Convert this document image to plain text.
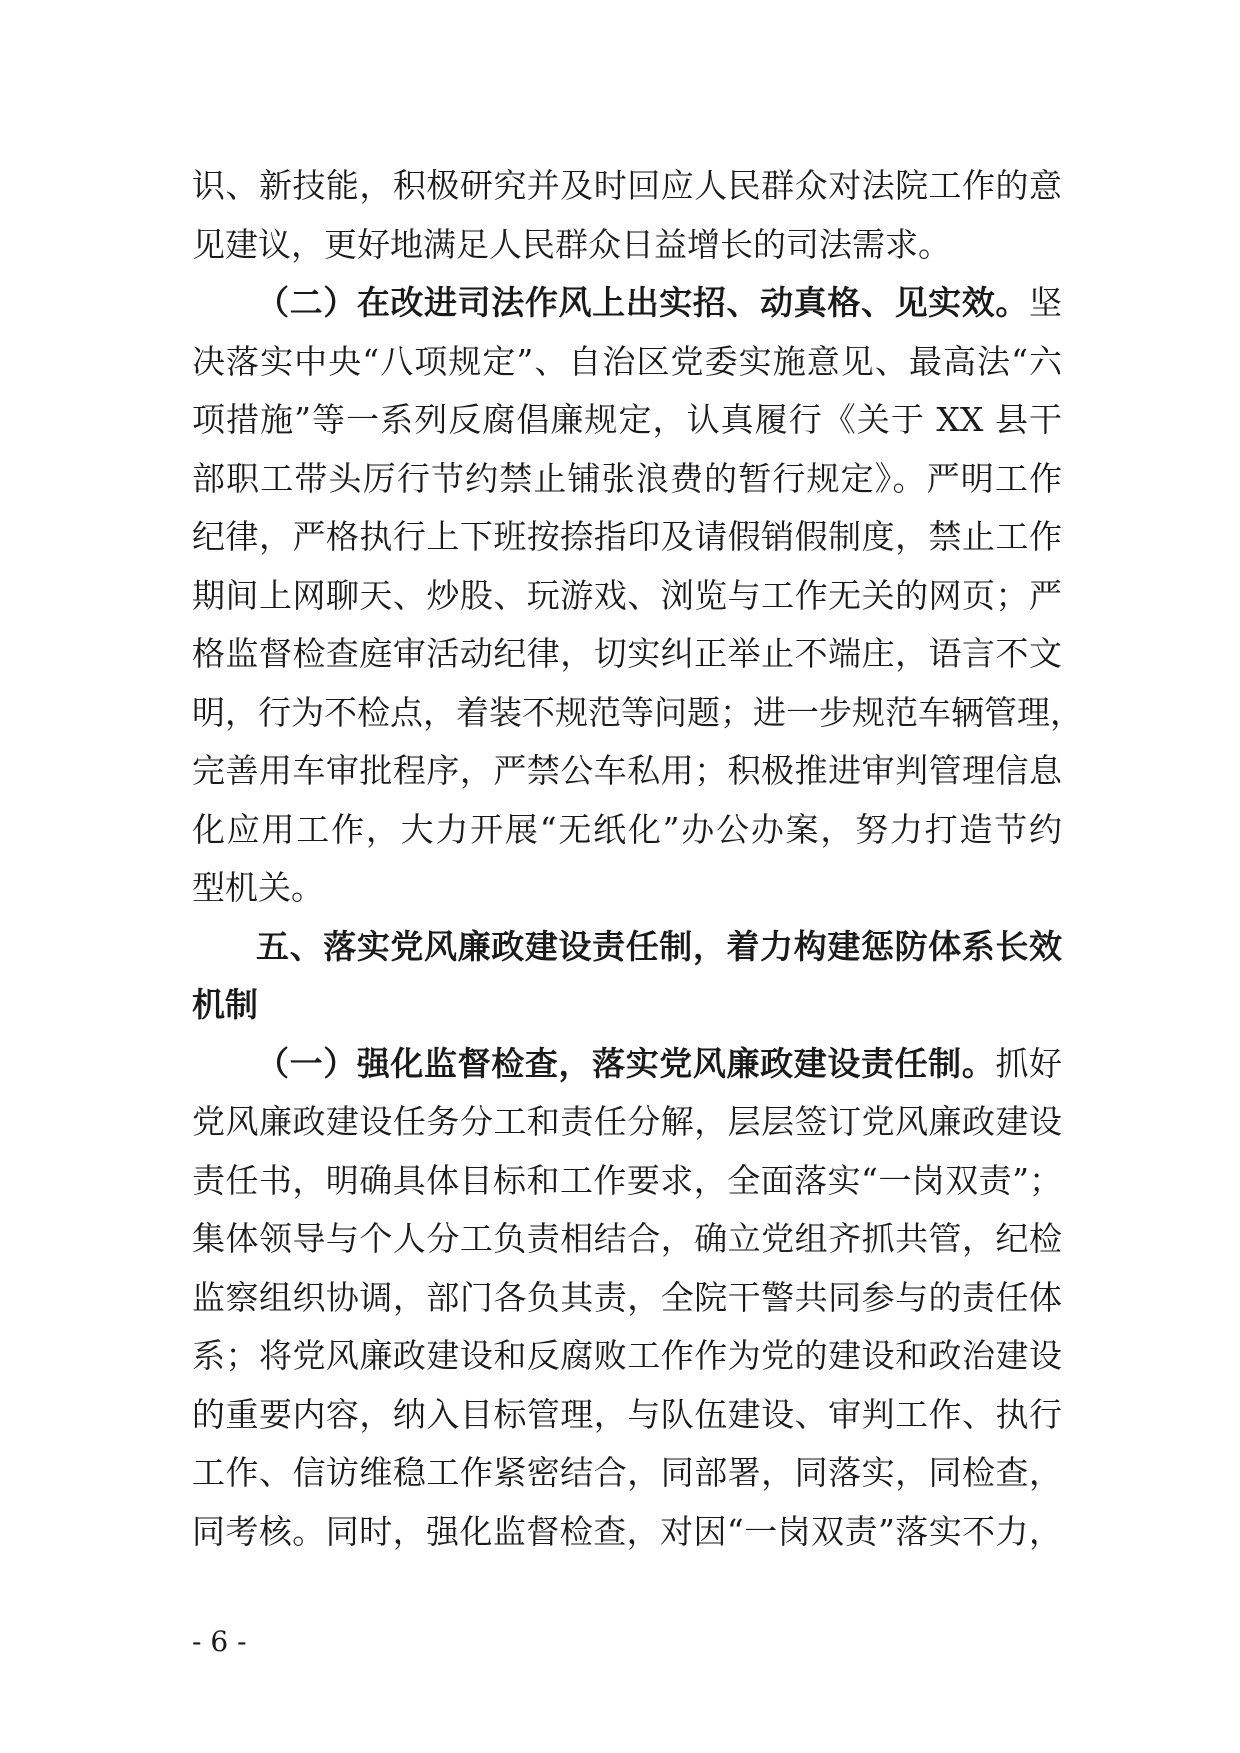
识、新技能，积极研究并及时回应人民群众对法院工作的意
见建议，更好地满足人民群众日益增长的司法需求。
（二）在改进司法作风上出实招、动真格、见实效。坚
决落实中央“八项规定”、自治区党委实施意见、最高法“六
项措施”等一系列反腐倡廉规定，认真履行《关于 XX 县干
部职工带头厉行节约禁止铺张浪费的暂行规定》。严明工作
纪律，严格执行上下班按捺指印及请假销假制度，禁止工作
期间上网聊天、炒股、玩游戏、浏览与工作无关的网页；严
格监督检查庭审活动纪律，切实纠正举止不端庄，语言不文
明，行为不检点，着装不规范等问题；进一步规范车辆管理，
完善用车审批程序，严禁公车私用；积极推进审判管理信息
化应用工作，大力开展“无纸化”办公办案，努力打造节约
型机关。
五、落实党风廉政建设责任制，着力构建惩防体系长效
机制
（一）强化监督检查，落实党风廉政建设责任制。抓好
党风廉政建设任务分工和责任分解，层层签订党风廉政建设
责任书，明确具体目标和工作要求，全面落实“一岗双责”；
集体领导与个人分工负责相结合，确立党组齐抓共管，纪检
监察组织协调，部门各负其责，全院干警共同参与的责任体
系；将党风廉政建设和反腐败工作作为党的建设和政治建设
的重要内容，纳入目标管理，与队伍建设、审判工作、执行
工作、信访维稳工作紧密结合，同部署，同落实，同检查，
同考核。同时，强化监督检查，对因“一岗双责”落实不力，
- 6 -
